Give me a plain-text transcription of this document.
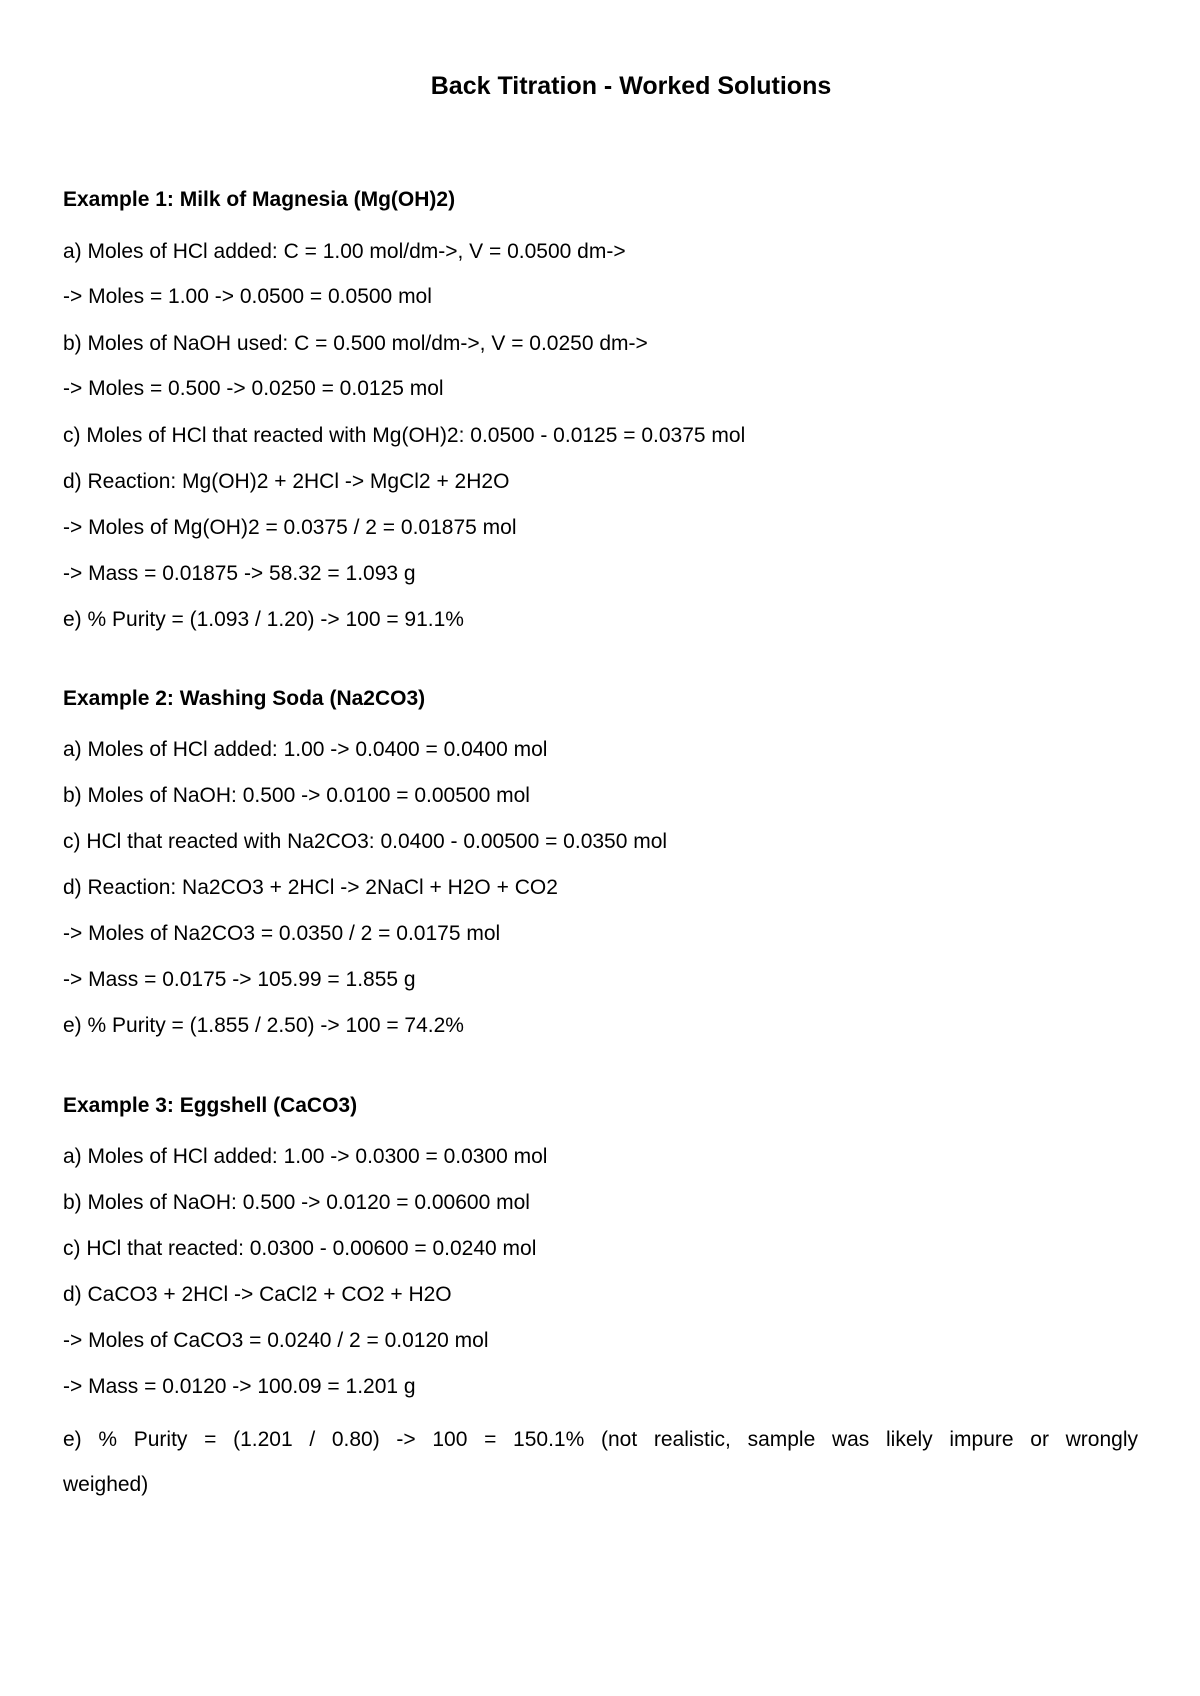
Back Titration - Worked Solutions
Example 1: Milk of Magnesia (Mg(OH)2)

a) Moles of HCl added: C = 1.00 mol/dm->, V = 0.0500 dm->

-> Moles = 1.00 -> 0.0500 = 0.0500 mol

b) Moles of NaOH used: C = 0.500 mol/dm->, V = 0.0250 dm->

-> Moles = 0.500 -> 0.0250 = 0.0125 mol

c) Moles of HCl that reacted with Mg(OH)2: 0.0500 - 0.0125 = 0.0375 mol

d) Reaction: Mg(OH)2 + 2HCl -> MgCl2 + 2H2O

-> Moles of Mg(OH)2 = 0.0375 / 2 = 0.01875 mol

-> Mass = 0.01875 -> 58.32 = 1.093 g

e) % Purity = (1.093 / 1.20) -> 100 = 91.1%

Example 2: Washing Soda (Na2CO3)

a) Moles of HCl added: 1.00 -> 0.0400 = 0.0400 mol

b) Moles of NaOH: 0.500 -> 0.0100 = 0.00500 mol

c) HCl that reacted with Na2CO3: 0.0400 - 0.00500 = 0.0350 mol

d) Reaction: Na2CO3 + 2HCl -> 2NaCl + H2O + CO2

-> Moles of Na2CO3 = 0.0350 / 2 = 0.0175 mol

-> Mass = 0.0175 -> 105.99 = 1.855 g

e) % Purity = (1.855 / 2.50) -> 100 = 74.2%

Example 3: Eggshell (CaCO3)

a) Moles of HCl added: 1.00 -> 0.0300 = 0.0300 mol

b) Moles of NaOH: 0.500 -> 0.0120 = 0.00600 mol

c) HCl that reacted: 0.0300 - 0.00600 = 0.0240 mol

d) CaCO3 + 2HCl -> CaCl2 + CO2 + H2O

-> Moles of CaCO3 = 0.0240 / 2 = 0.0120 mol

-> Mass = 0.0120 -> 100.09 = 1.201 g

e) % Purity = (1.201 / 0.80) -> 100 = 150.1% (not realistic, sample was likely impure or wrongly

weighed)
